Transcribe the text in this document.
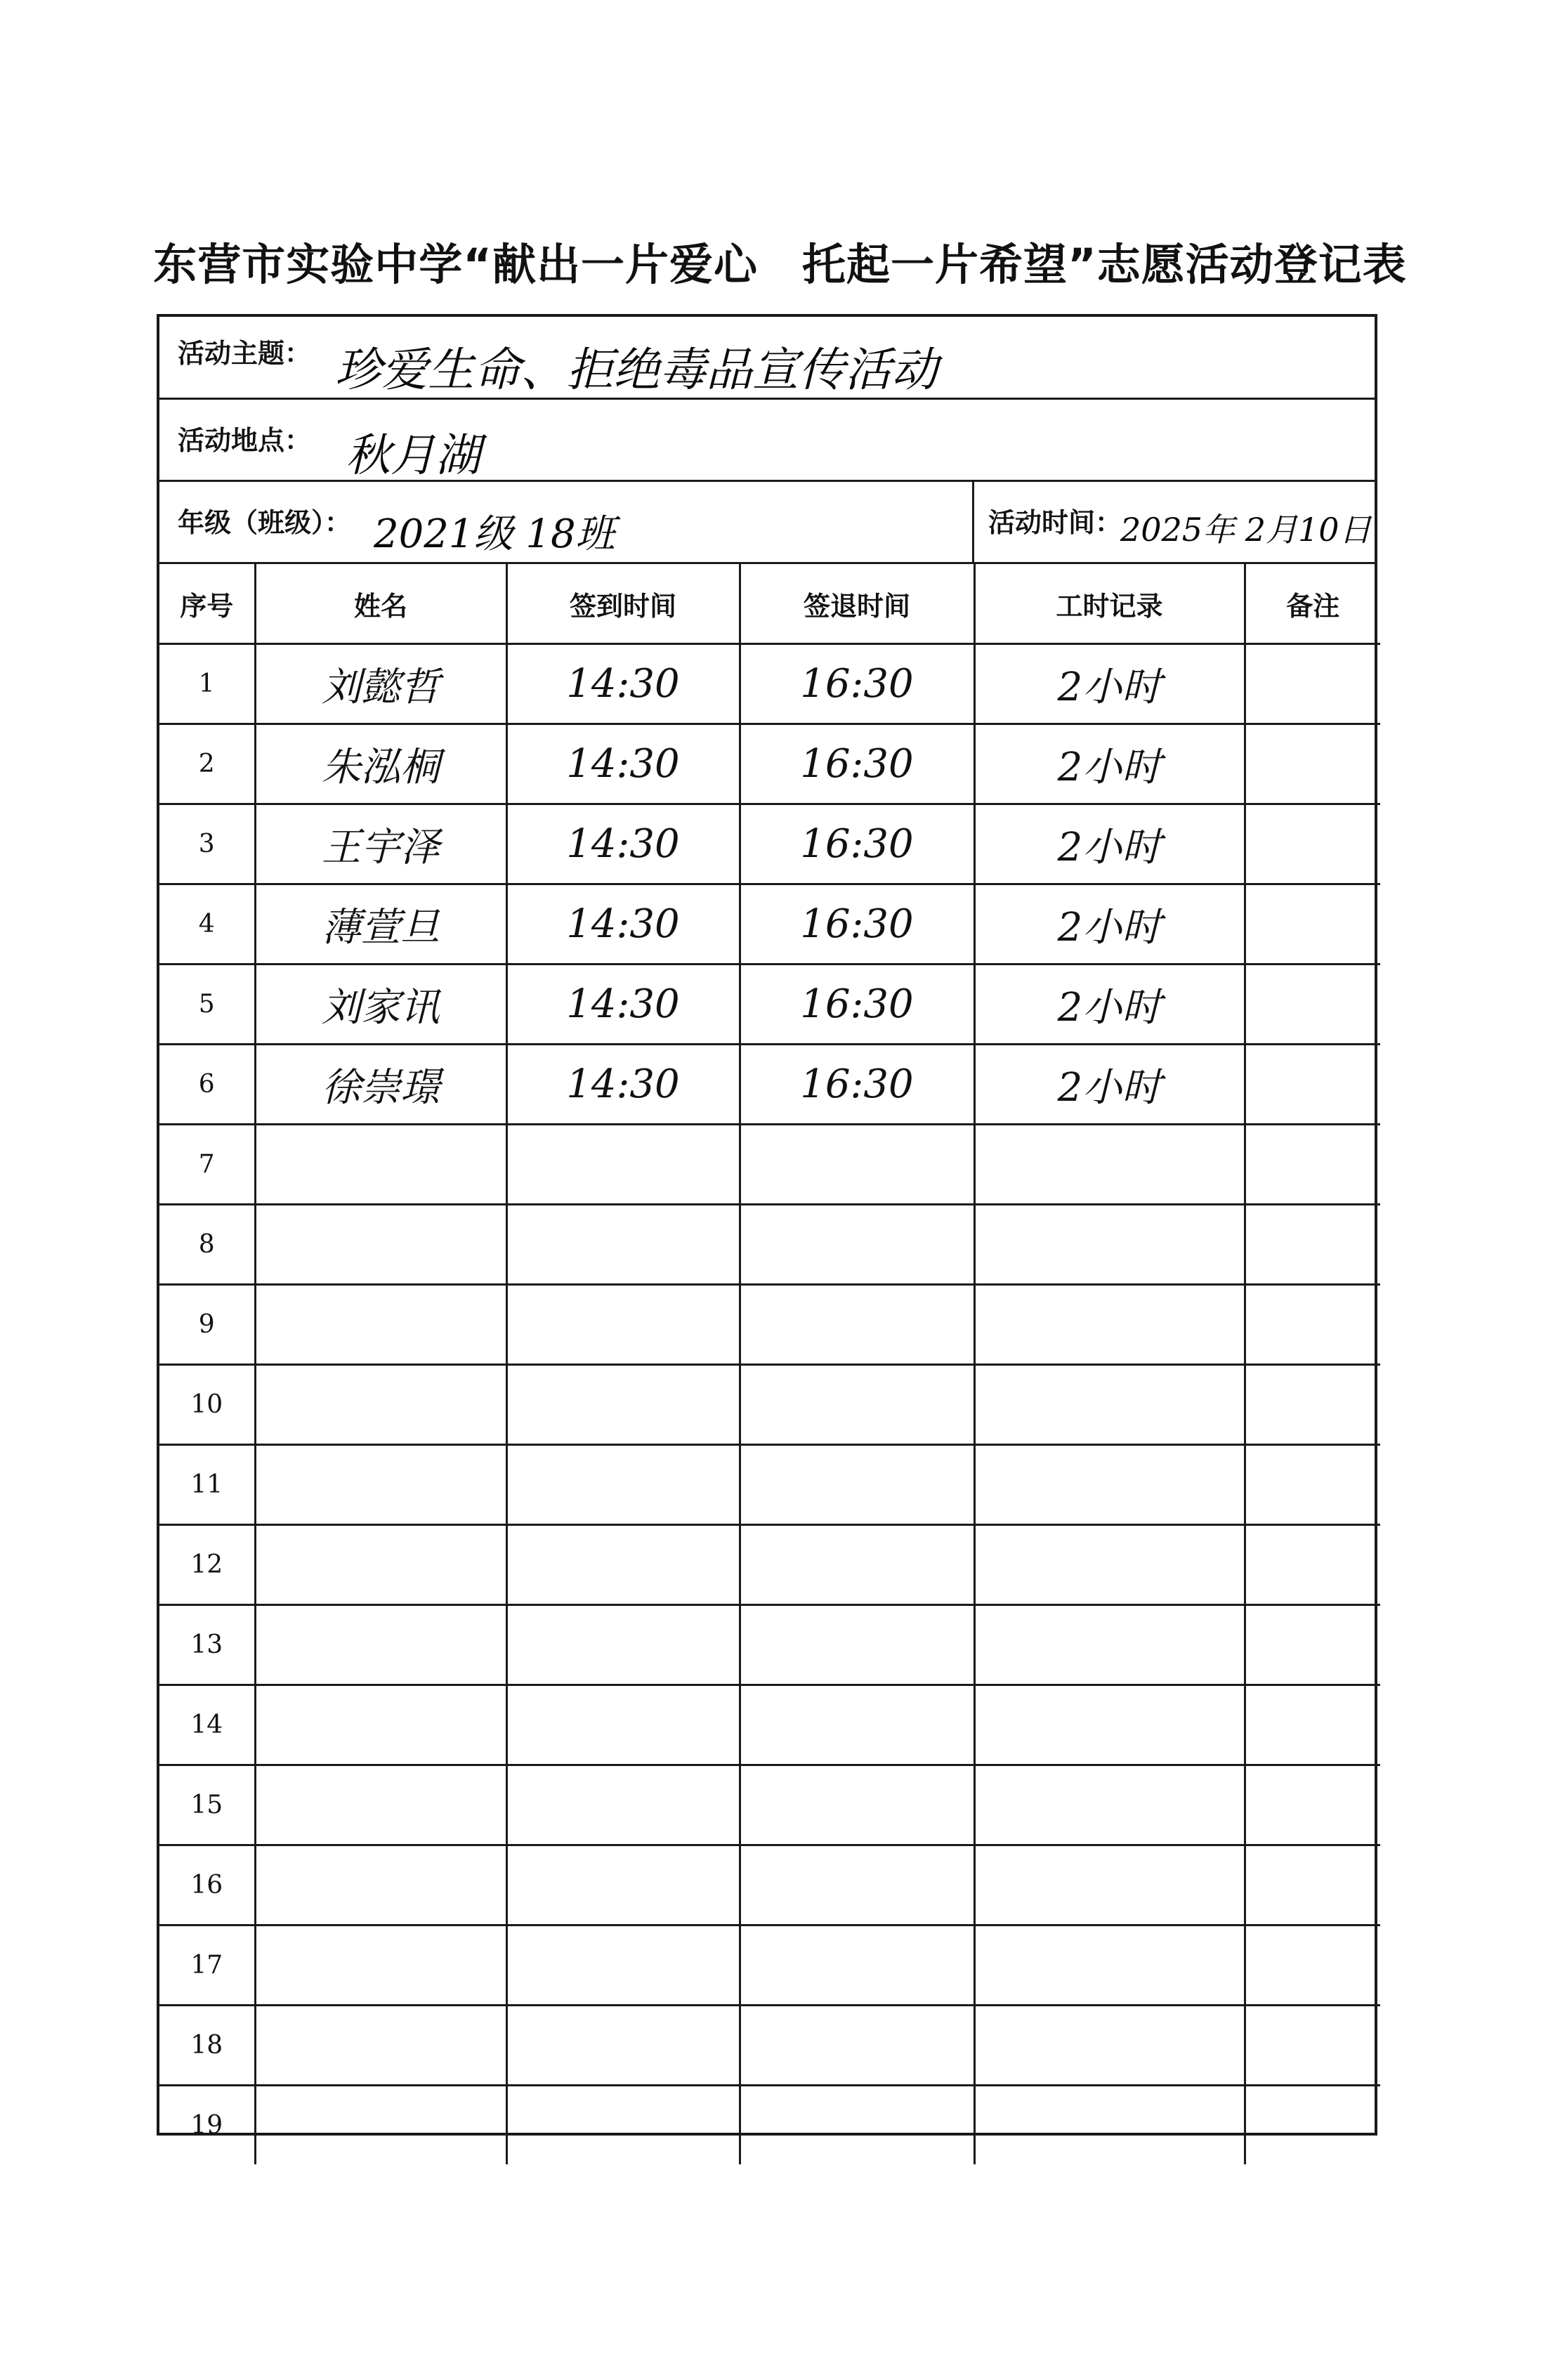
东营市实验中学“献出一片爱心　托起一片希望”志愿活动登记表
活动主题： 珍爱生命、拒绝毒品宣传活动
活动地点： 秋月湖
年级（班级）： 2021级 18班	活动时间：
2025年 2月10日
序号	姓名	签到时间	签退时间	工时记录	备注
1	刘懿哲	14:30	16:30	2小时	
2	朱泓桐	14:30	16:30	2小时	
3	王宇泽	14:30	16:30	2小时	
4	薄萱旦	14:30	16:30	2小时	
5	刘家讯	14:30	16:30	2小时	
6	徐崇璟	14:30	16:30	2小时	
7					
8					
9					
10					
11					
12					
13					
14					
15					
16					
17					
18					
19					
